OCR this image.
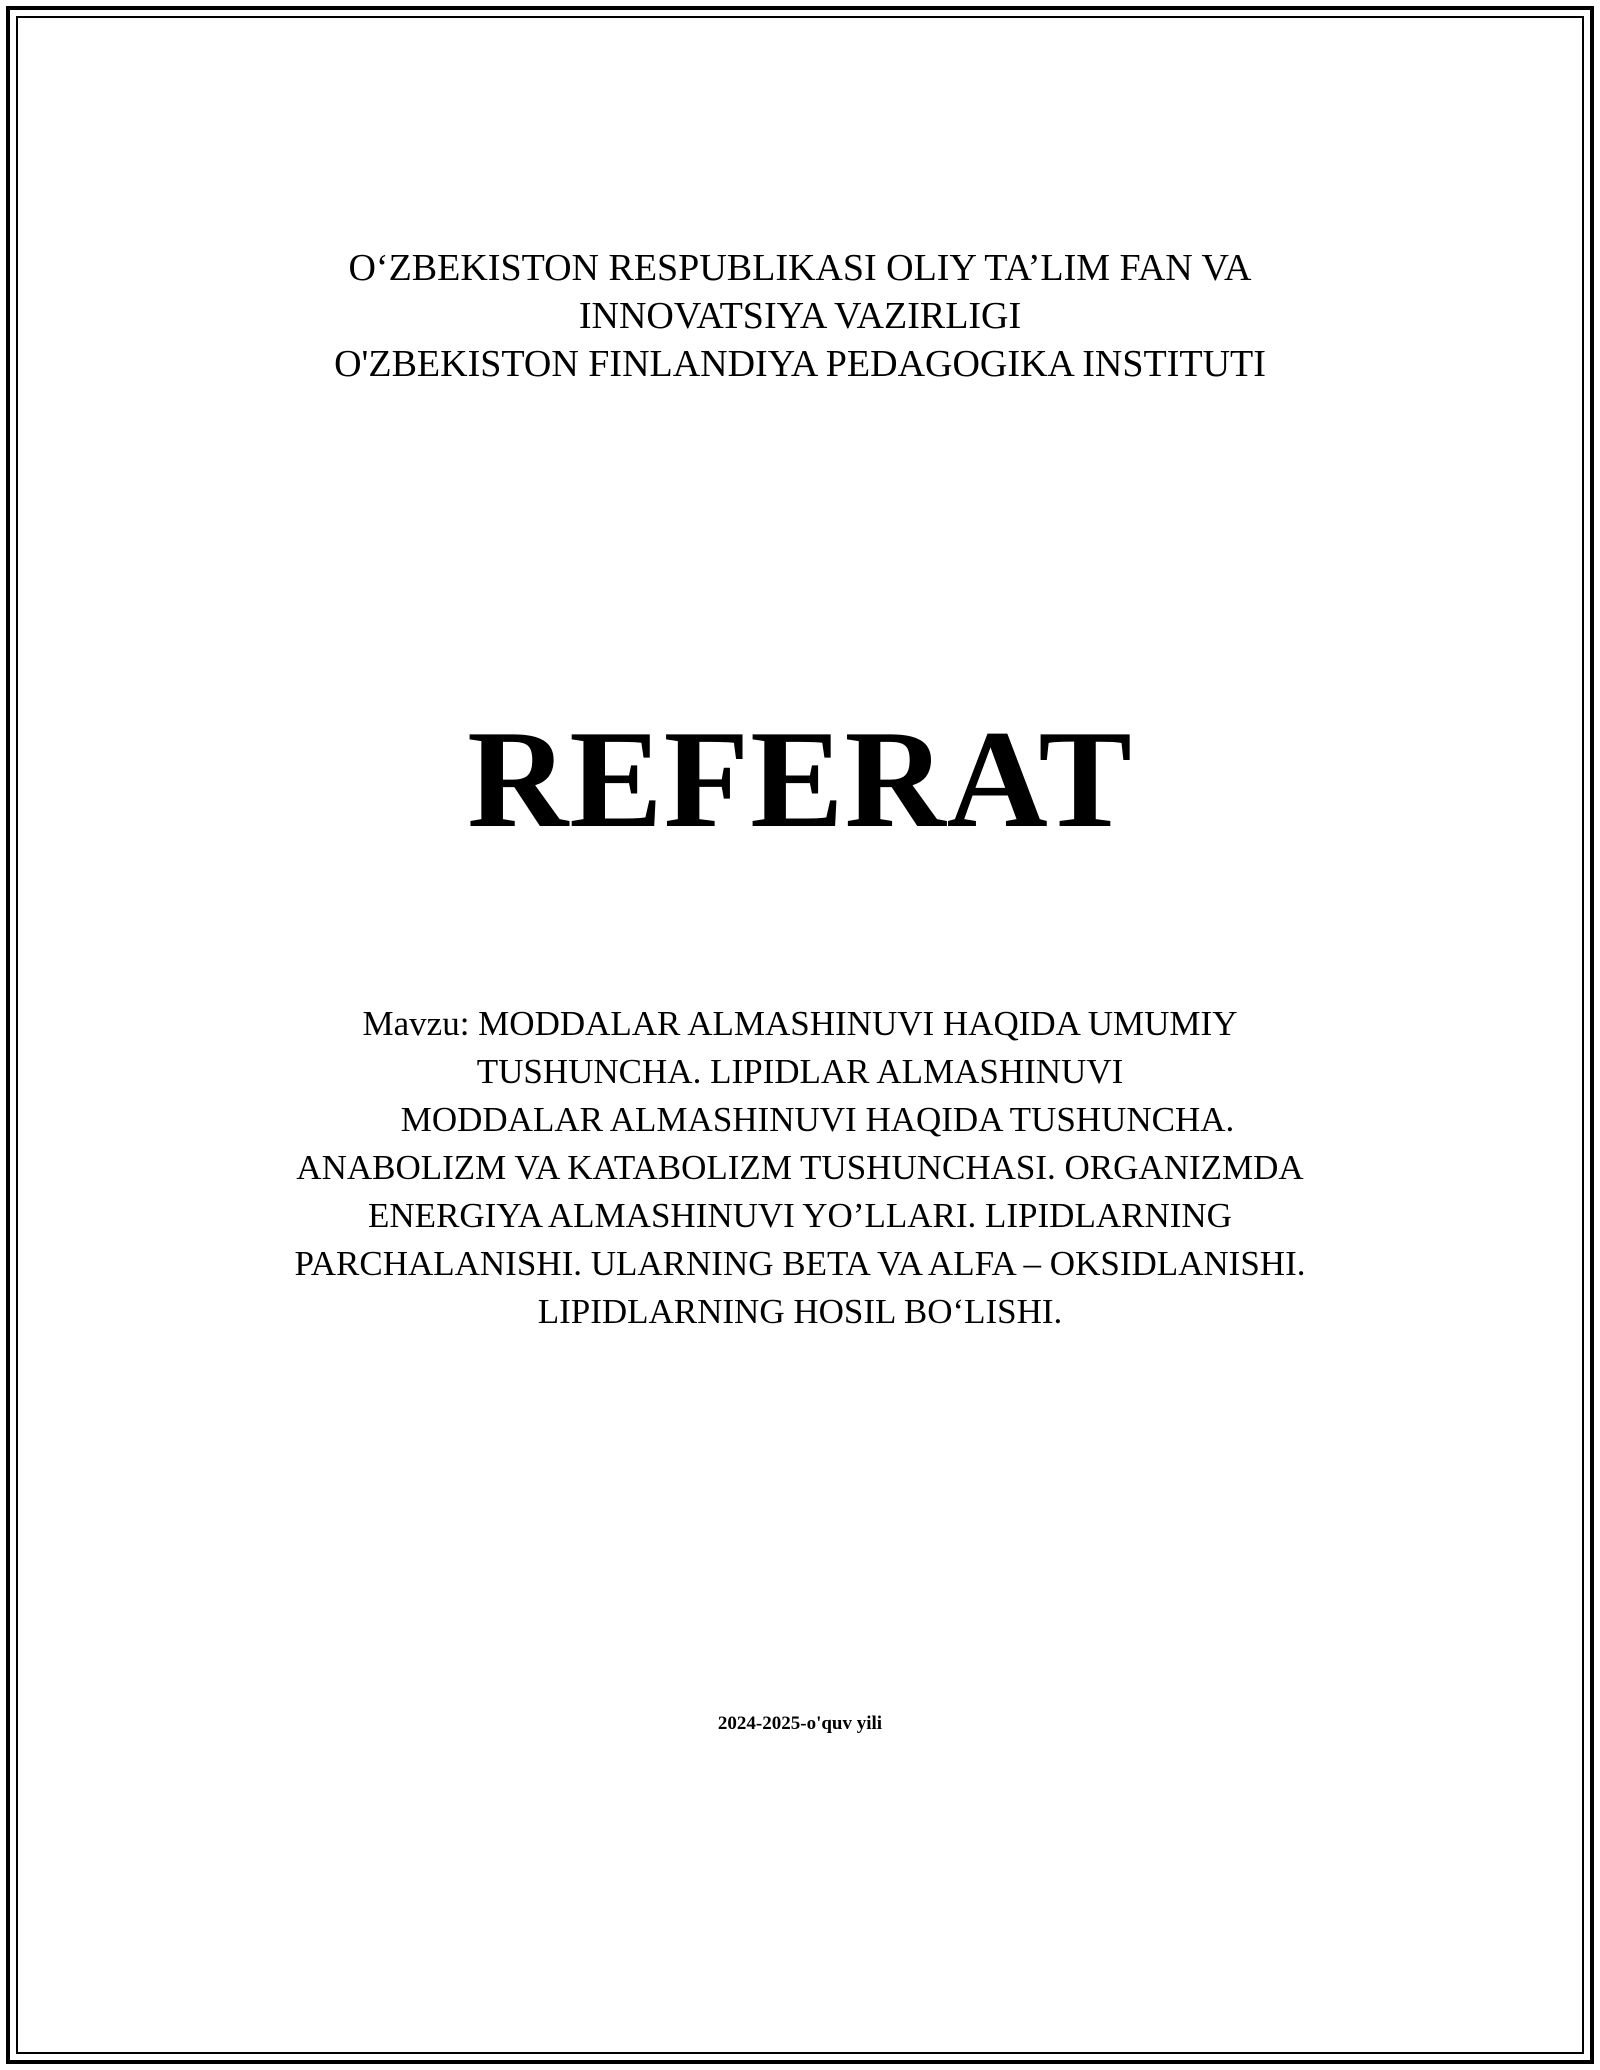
O‘ZBEKISTON RESPUBLIKASI OLIY TA’LIM FAN VA
INNOVATSIYA VAZIRLIGI
O'ZBEKISTON FINLANDIYA PEDAGOGIKA INSTITUTI
REFERAT
Mavzu: MODDALAR ALMASHINUVI HAQIDA UMUMIY
TUSHUNCHA. LIPIDLAR ALMASHINUVI
MODDALAR ALMASHINUVI HAQIDA TUSHUNCHA.
ANABOLIZM VA KATABOLIZM TUSHUNCHASI. ORGANIZMDA
ENERGIYA ALMASHINUVI YO’LLARI. LIPIDLARNING
PARCHALANISHI. ULARNING BETA VA ALFA – OKSIDLANISHI.
LIPIDLARNING HOSIL BO‘LISHI.
2024-2025-o'quv yili
